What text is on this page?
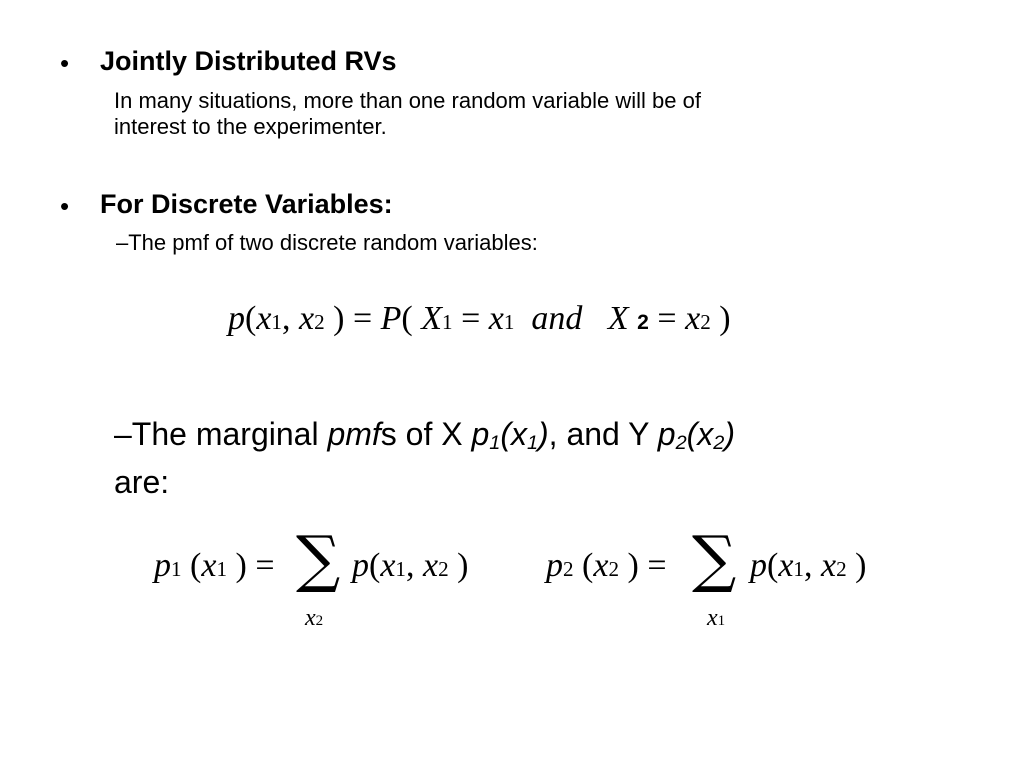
• Jointly Distributed RVs
In many situations, more than one random variable will be of
interest to the experimenter.
• For Discrete Variables:
–The pmf of two discrete random variables:
p(x1, x2 ) = P( X1 = x1 and X 2 = x2 )
–The marginal pmfs of X $p_1(x_1)$, and Y $p_2(x_2)$
are:
p1 (x1 ) = ∑ p(x1, x2 )
x2
p2 (x2 ) = ∑ p(x1, x2 )
x1
